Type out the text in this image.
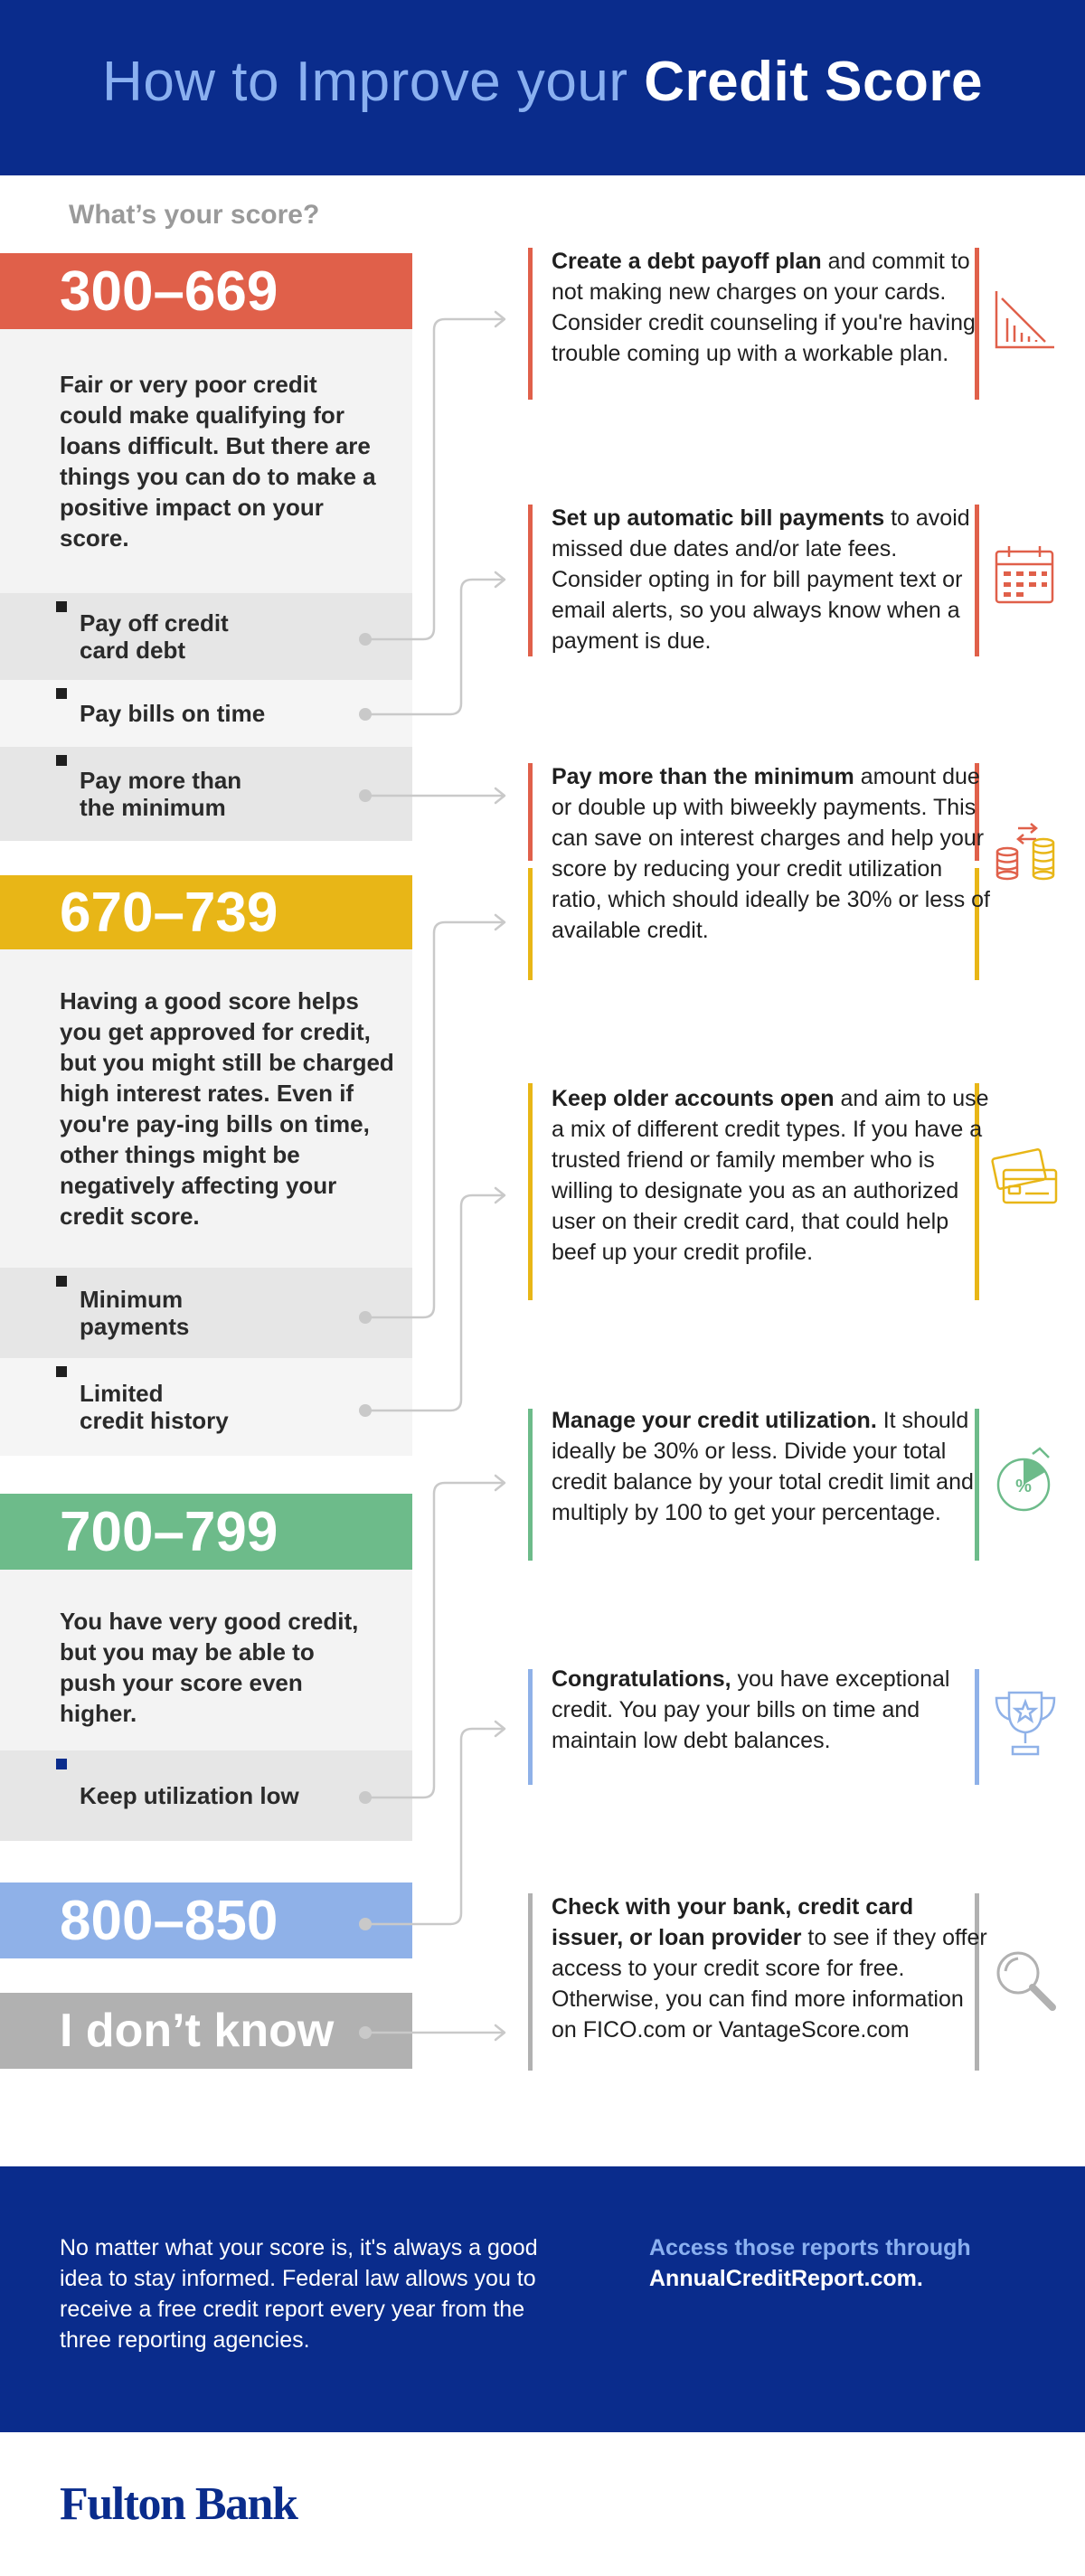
How to Improve your Credit Score
What’s your score?
300–669
Fair or very poor credit could make qualifying for loans difficult. But there are things you can do to make a positive impact on your score.
Pay off credit
card debt
Pay bills on time
Pay more than
the minimum
670–739
Having a good score helps you get approved for credit, but you might still be charged high interest rates. Even if you're pay-ing bills on time, other things might be negatively affecting your credit score.
Minimum
payments
Limited
credit history
700–799
You have very good credit, but you may be able to push your score even higher.
Keep utilization low
800–850
I don’t know
Create a debt payoff plan and commit to not making new charges on your cards. Consider credit counseling if you're having trouble coming up with a workable plan.
Set up automatic bill payments to avoid missed due dates and/or late fees. Consider opting in for bill payment text or email alerts, so you always know when a payment is due.
Pay more than the minimum amount due or double up with biweekly payments. This can save on interest charges and help your score by reducing your credit utilization ratio, which should ideally be 30% or less of available credit.
Keep older accounts open and aim to use a mix of different credit types. If you have a trusted friend or family member who is willing to designate you as an authorized user on their credit card, that could help beef up your credit profile.
Manage your credit utilization. It should ideally be 30% or less. Divide your total credit balance by your total credit limit and multiply by 100 to get your percentage.
%
Congratulations, you have exceptional credit. You pay your bills on time and maintain low debt balances.
Check with your bank, credit card issuer, or loan provider to see if they offer access to your credit score for free. Otherwise, you can find more information on FICO.com or VantageScore.com
No matter what your score is, it's always a good idea to stay informed. Federal law allows you to receive a free credit report every year from the three reporting agencies.
Access those reports through
AnnualCreditReport.com.
Fulton Bank
